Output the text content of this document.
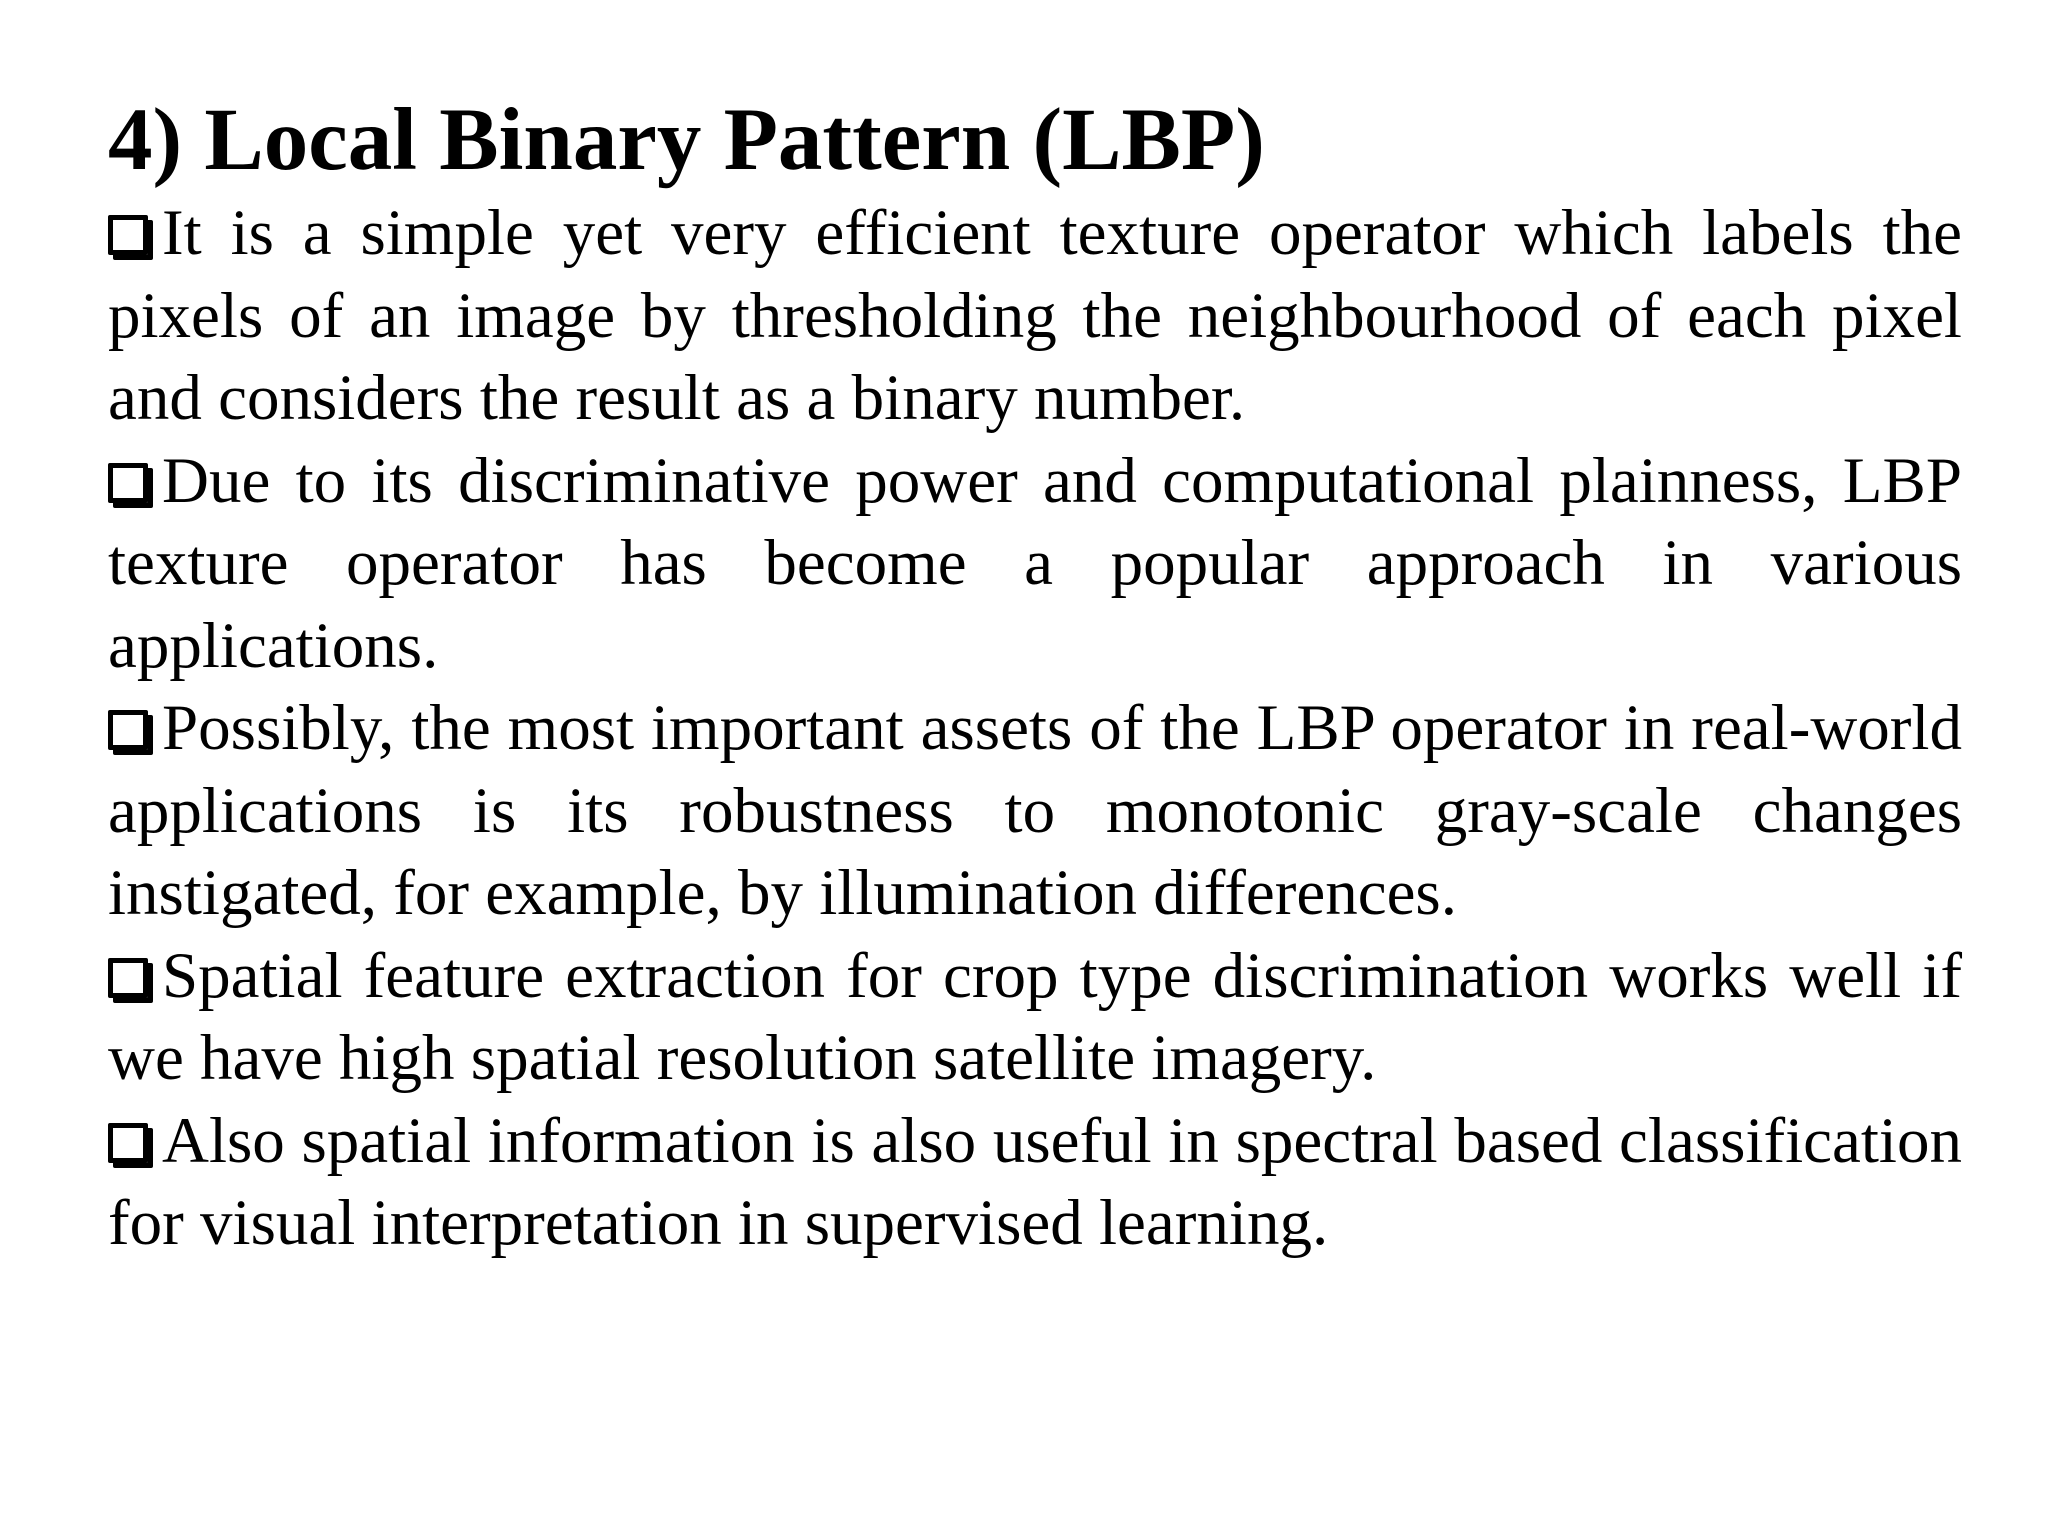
4) Local Binary Pattern (LBP)
It is a simple yet very efficient texture operator which labels the pixels of an image by thresholding the neighbourhood of each pixel and considers the result as a binary number.
Due to its discriminative power and computational plainness, LBP texture operator has become a popular approach in various applications.
Possibly, the most important assets of the LBP operator in real-world applications is its robustness to monotonic gray-scale changes instigated, for example, by illumination differences.
Spatial feature extraction for crop type discrimination works well if we have high spatial resolution satellite imagery.
Also spatial information is also useful in spectral based classification for visual interpretation in supervised learning.
